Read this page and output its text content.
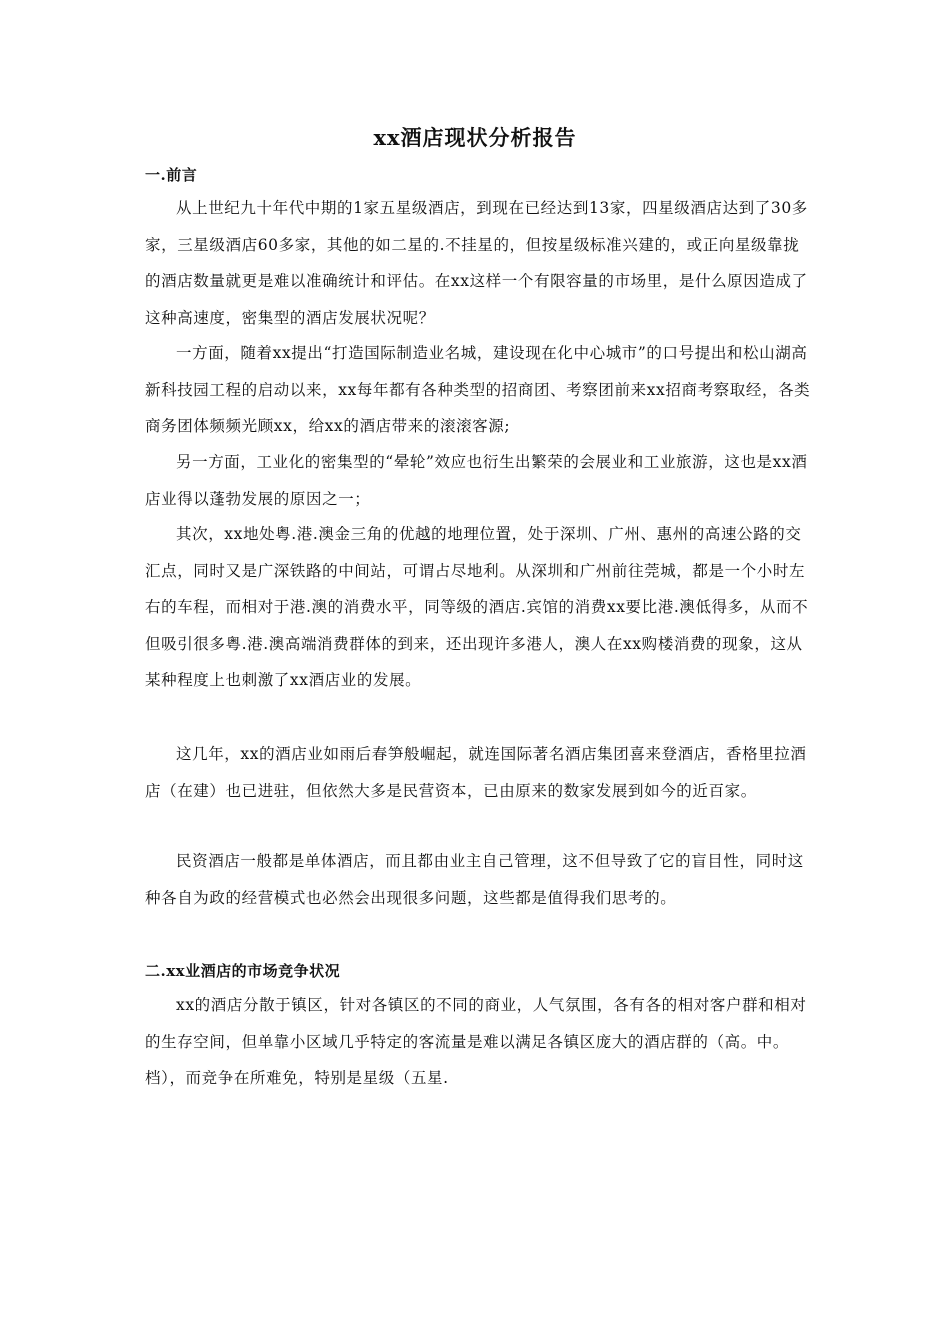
xx酒店现状分析报告
一.前言

从上世纪九十年代中期的1家五星级酒店，到现在已经达到13家，四星级酒店达到了30多家，三星级酒店60多家，其他的如二星的.不挂星的，但按星级标准兴建的，或正向星级靠拢的酒店数量就更是难以准确统计和评估。在xx这样一个有限容量的市场里，是什么原因造成了这种高速度，密集型的酒店发展状况呢？

一方面，随着xx提出“打造国际制造业名城，建设现在化中心城市”的口号提出和松山湖高新科技园工程的启动以来，xx每年都有各种类型的招商团、考察团前来xx招商考察取经，各类商务团体频频光顾xx，给xx的酒店带来的滚滚客源;

另一方面，工业化的密集型的“晕轮”效应也衍生出繁荣的会展业和工业旅游，这也是xx酒店业得以蓬勃发展的原因之一；

其次，xx地处粤.港.澳金三角的优越的地理位置，处于深圳、广州、惠州的高速公路的交汇点，同时又是广深铁路的中间站，可谓占尽地利。从深圳和广州前往莞城，都是一个小时左右的车程，而相对于港.澳的消费水平，同等级的酒店.宾馆的消费xx要比港.澳低得多，从而不但吸引很多粤.港.澳高端消费群体的到来，还出现许多港人，澳人在xx购楼消费的现象，这从某种程度上也刺激了xx酒店业的发展。

这几年，xx的酒店业如雨后春笋般崛起，就连国际著名酒店集团喜来登酒店，香格里拉酒店（在建）也已进驻，但依然大多是民营资本，已由原来的数家发展到如今的近百家。

民资酒店一般都是单体酒店，而且都由业主自己管理，这不但导致了它的盲目性，同时这种各自为政的经营模式也必然会出现很多问题，这些都是值得我们思考的。

二.xx业酒店的市场竞争状况

xx的酒店分散于镇区，针对各镇区的不同的商业，人气氛围，各有各的相对客户群和相对的生存空间，但单靠小区域几乎特定的客流量是难以满足各镇区庞大的酒店群的（高。中。档），而竞争在所难免，特别是星级（五星.
